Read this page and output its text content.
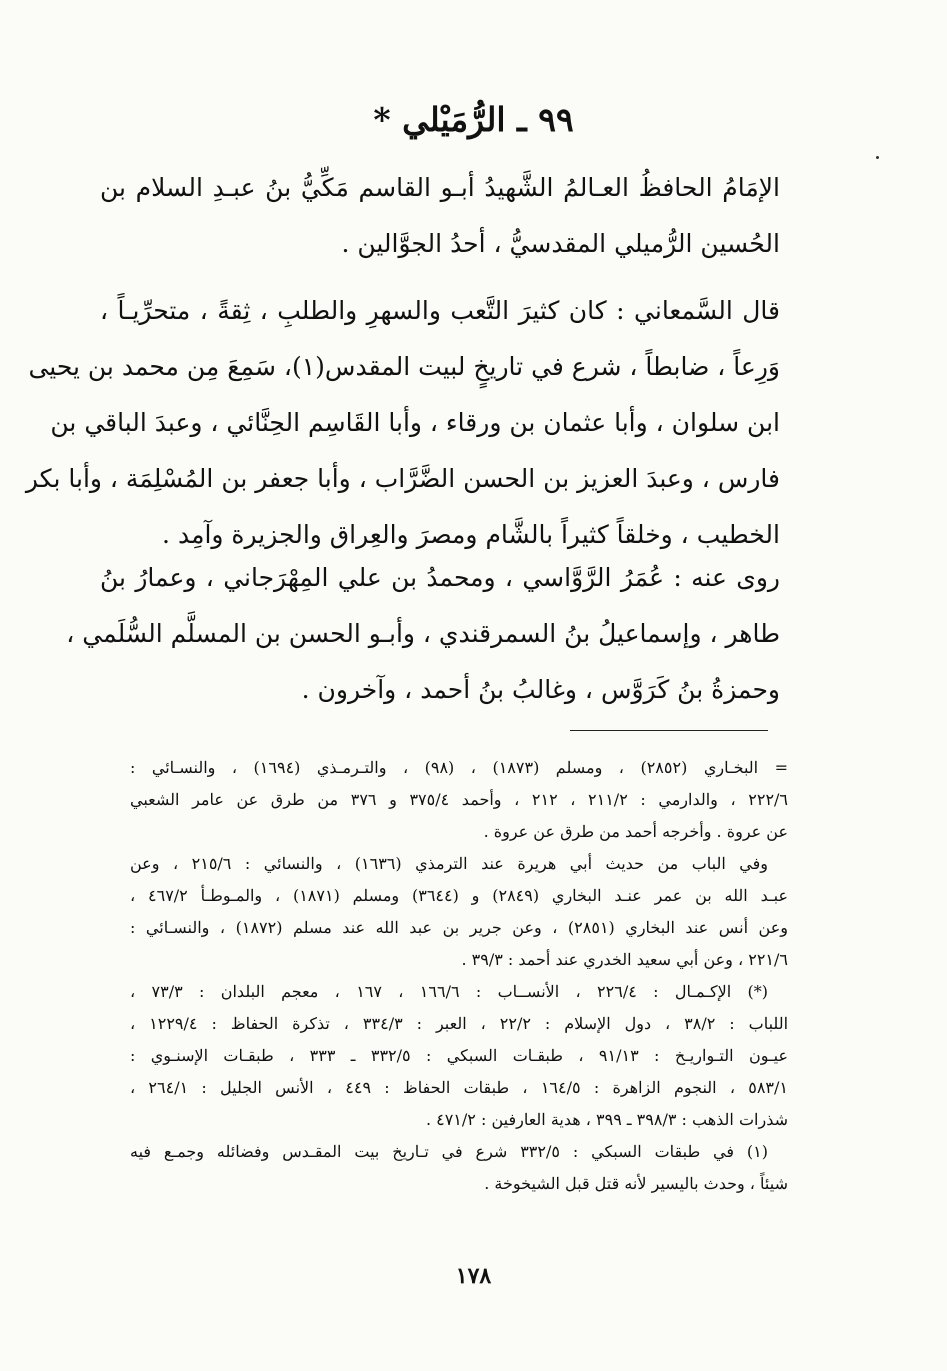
٩٩ ـ الرُّمَيْلي *
الإمَامُ الحافظُ العـالمُ الشَّهيدُ أبـو القاسم مَكِّيُّ بنُ عبـدِ السلام بن
الحُسين الرُّميلي المقدسيُّ ، أحدُ الجوَّالين .
قال السَّمعاني : كان كثيرَ التَّعب والسهرِ والطلبِ ، ثِقةً ، متحرِّيـاً ،
وَرِعاً ، ضابطاً ، شرع في تاريخٍ لبيت المقدس(١)، سَمِعَ مِن محمد بن يحيى
ابن سلوان ، وأبا عثمان بن ورقاء ، وأبا القَاسِم الحِنَّائي ، وعبدَ الباقي بن
فارس ، وعبدَ العزيز بن الحسن الضَّرَّاب ، وأبا جعفر بن المُسْلِمَة ، وأبا بكر
الخطيب ، وخلقاً كثيراً بالشَّام ومصرَ والعِراق والجزيرة وآمِد .
روى عنه : عُمَرُ الرَّوَّاسي ، ومحمدُ بن علي المِهْرَجاني ، وعمارُ بنُ
طاهر ، وإسماعيلُ بنُ السمرقندي ، وأبـو الحسن بن المسلَّم السُّلَمي ،
وحمزةُ بنُ كَرَوَّس ، وغالبُ بنُ أحمد ، وآخرون .
= البخـاري (٢٨٥٢) ، ومسلم (١٨٧٣) ، (٩٨) ، والتـرمـذي (١٦٩٤) ، والنسـائي :
٢٢٢/٦ ، والدارمي : ٢١١/٢ ، ٢١٢ ، وأحمد ٣٧٥/٤ و ٣٧٦ من طرق عن عامر الشعبي
عن عروة . وأخرجه أحمد من طرق عن عروة .
وفي الباب من حديث أبي هريرة عند الترمذي (١٦٣٦) ، والنسائي : ٢١٥/٦ ، وعن
عبـد الله بن عمر عنـد البخاري (٢٨٤٩) و (٣٦٤٤) ومسلم (١٨٧١) ، والمـوطـأ ٤٦٧/٢ ،
وعن أنس عند البخاري (٢٨٥١) ، وعن جرير بن عبد الله عند مسلم (١٨٧٢) ، والنسـائي :
٢٢١/٦ ، وعن أبي سعيد الخدري عند أحمد : ٣٩/٣ .
(*) الإكـمـال : ٢٢٦/٤ ، الأنســاب : ١٦٦/٦ ، ١٦٧ ، معجم البلدان : ٧٣/٣ ،
اللباب : ٣٨/٢ ، دول الإسلام : ٢٢/٢ ، العبر : ٣٣٤/٣ ، تذكرة الحفاظ : ١٢٢٩/٤ ،
عيـون التـواريـخ : ٩١/١٣ ، طبقـات السبكي : ٣٣٢/٥ ـ ٣٣٣ ، طبقـات الإسنـوي :
٥٨٣/١ ، النجوم الزاهرة : ١٦٤/٥ ، طبقات الحفاظ : ٤٤٩ ، الأنس الجليل : ٢٦٤/١ ،
شذرات الذهب : ٣٩٨/٣ ـ ٣٩٩ ، هدية العارفين : ٤٧١/٢ .
(١) في طبقات السبكي : ٣٣٢/٥ شرع في تـاريخ بيت المقـدس وفضائله وجمـع فيه
شيئاً ، وحدث باليسير لأنه قتل قبل الشيخوخة .
١٧٨
